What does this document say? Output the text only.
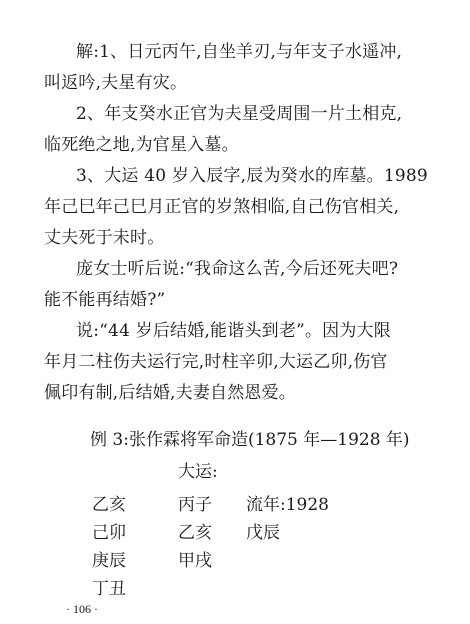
解:1、日元丙午,自坐羊刃,与年支子水遥冲,
叫返吟,夫星有灾。
2、年支癸水正官为夫星受周围一片土相克,
临死绝之地,为官星入墓。
3、大运 40 岁入辰字,辰为癸水的库墓。1989
年己巳年己巳月正官的岁煞相临,自己伤官相关,
丈夫死于未时。
庞女士听后说:“我命这么苦,今后还死夫吧?
能不能再结婚?”
说:“44 岁后结婚,能谐头到老”。因为大限
年月二柱伤夫运行完,时柱辛卯,大运乙卯,伤官
佩印有制,后结婚,夫妻自然恩爱。
例 3:张作霖将军命造(1875 年—1928 年)
大运:
乙亥
己卯
庚辰
丁丑
丙子
乙亥
甲戌
流年:1928
戊辰
· 106 ·
